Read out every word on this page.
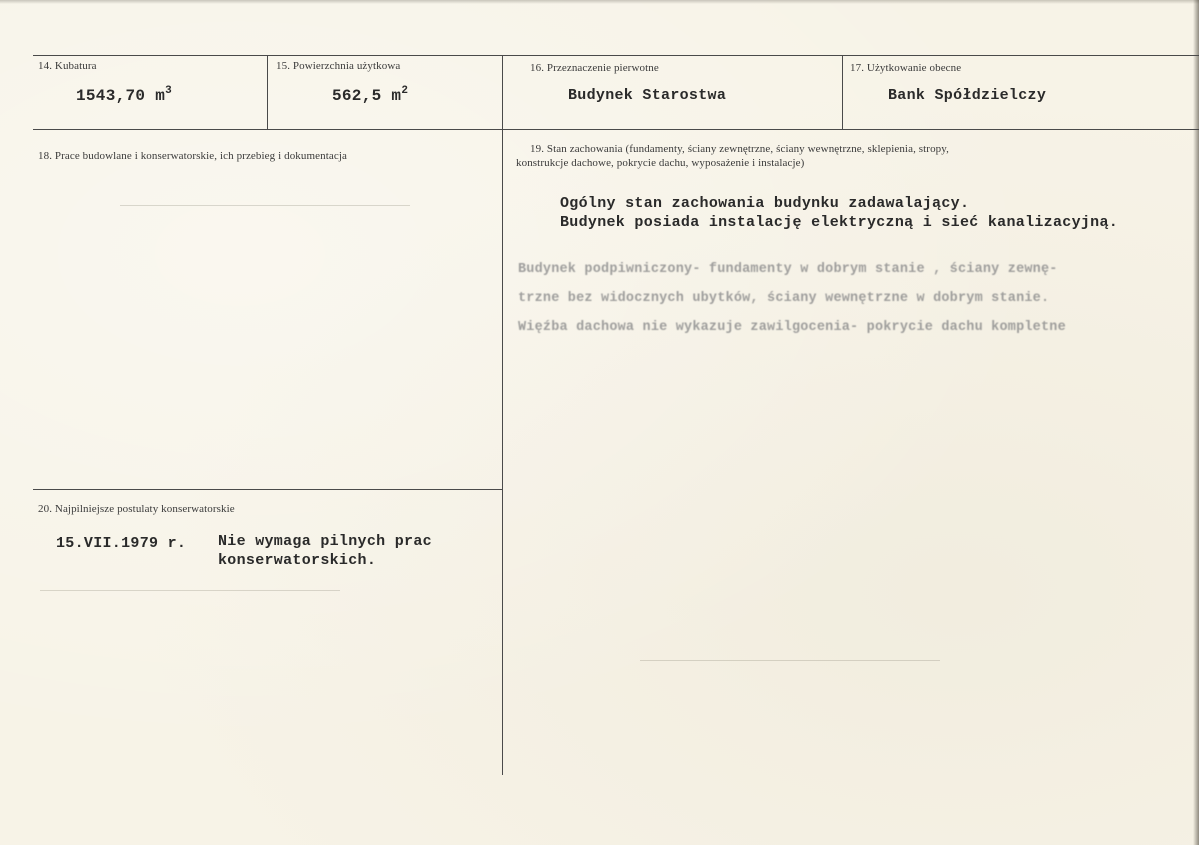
14. Kubatura
1543,70 $m^3$
15. Powierzchnia użytkowa
562,5 $m^2$
16. Przeznaczenie pierwotne
Budynek Starostwa
17. Użytkowanie obecne
Bank Spółdzielczy
18. Prace budowlane i konserwatorskie, ich przebieg i dokumentacja
19. Stan zachowania (fundamenty, ściany zewnętrzne, ściany wewnętrzne, sklepienia, stropy,
konstrukcje dachowe, pokrycie dachu, wyposażenie i instalacje)
Ogólny stan zachowania budynku zadawalający.
Budynek posiada instalację elektryczną i sieć kanalizacyjną.
Budynek podpiwniczony- fundamenty w dobrym stanie , ściany zewnę-
trzne bez widocznych ubytków, ściany wewnętrzne w dobrym stanie.
Więźba dachowa nie wykazuje zawilgocenia- pokrycie dachu kompletne
20. Najpilniejsze postulaty konserwatorskie
15.VII.1979 r. Nie wymaga pilnych prac
konserwatorskich.
